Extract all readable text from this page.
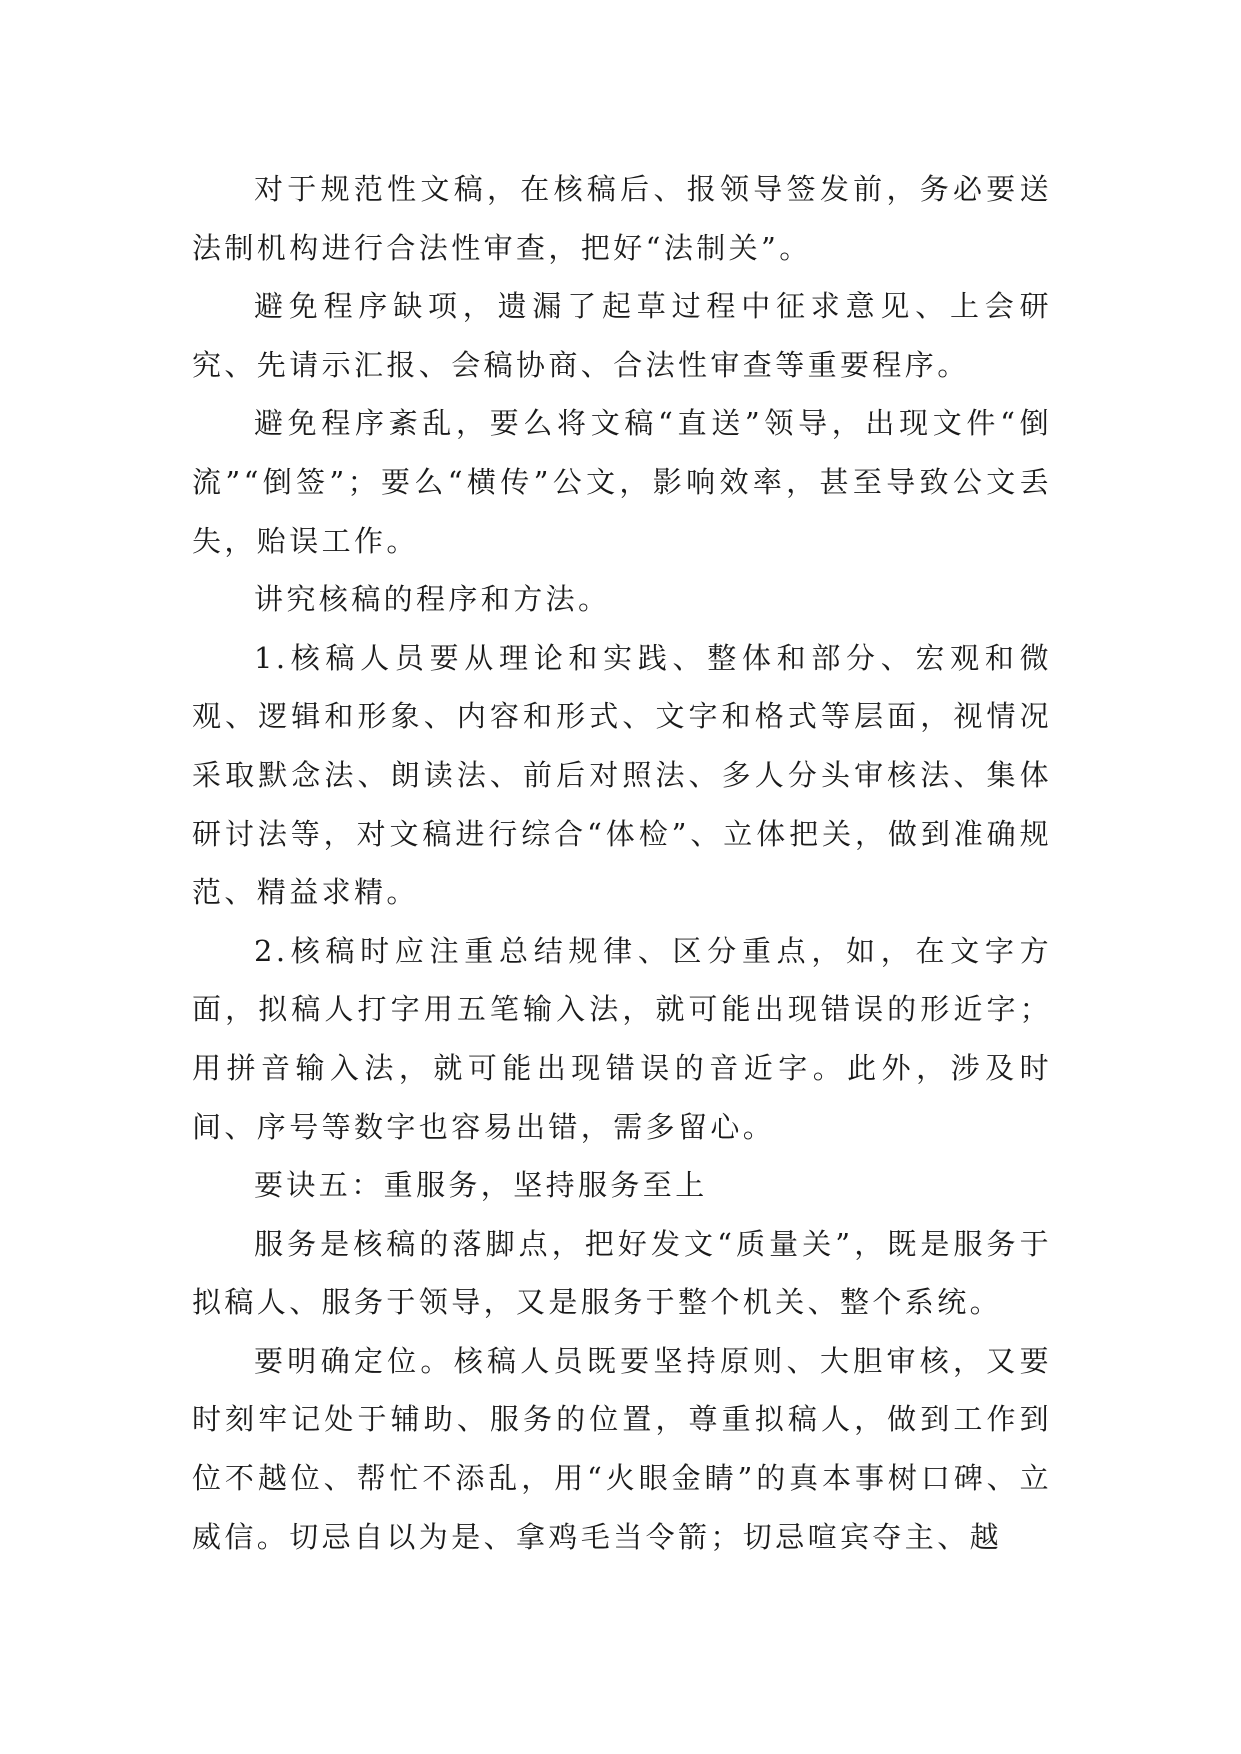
对于规范性文稿，在核稿后、报领导签发前，务必要送法制机构进行合法性审查，把好“法制关”。

避免程序缺项，遗漏了起草过程中征求意见、上会研究、先请示汇报、会稿协商、合法性审查等重要程序。

避免程序紊乱，要么将文稿“直送”领导，出现文件“倒流”“倒签”；要么“横传”公文，影响效率，甚至导致公文丢失，贻误工作。

讲究核稿的程序和方法。

1.核稿人员要从理论和实践、整体和部分、宏观和微观、逻辑和形象、内容和形式、文字和格式等层面，视情况采取默念法、朗读法、前后对照法、多人分头审核法、集体研讨法等，对文稿进行综合“体检”、立体把关，做到准确规范、精益求精。

2.核稿时应注重总结规律、区分重点，如，在文字方面，拟稿人打字用五笔输入法，就可能出现错误的形近字；用拼音输入法，就可能出现错误的音近字。此外，涉及时间、序号等数字也容易出错，需多留心。

要诀五：重服务，坚持服务至上

服务是核稿的落脚点，把好发文“质量关”，既是服务于拟稿人、服务于领导，又是服务于整个机关、整个系统。

要明确定位。核稿人员既要坚持原则、大胆审核，又要时刻牢记处于辅助、服务的位置，尊重拟稿人，做到工作到位不越位、帮忙不添乱，用“火眼金睛”的真本事树口碑、立威信。切忌自以为是、拿鸡毛当令箭；切忌喧宾夺主、越
